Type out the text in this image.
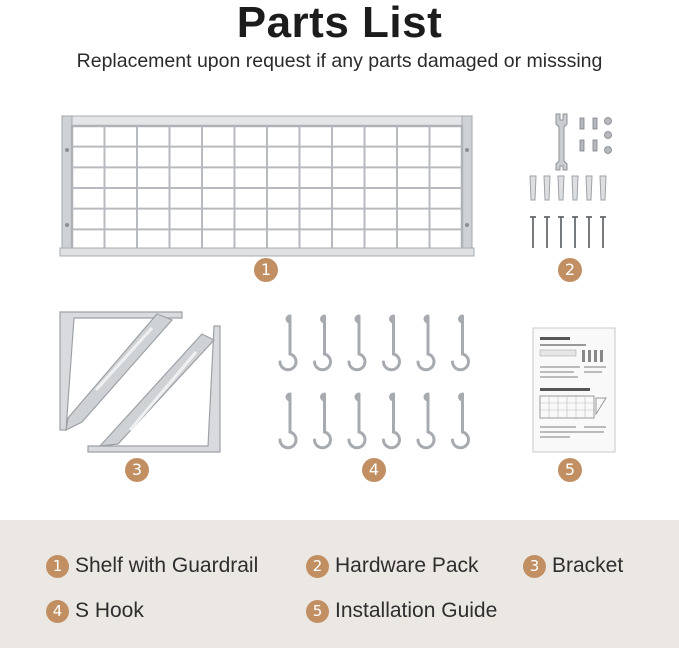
Parts List
Replacement upon request if any parts damaged or misssing
1	2
3	4	5
1 Shelf with Guardrail	2 Hardware Pack	3 Bracket
4 S Hook	5 Installation Guide
